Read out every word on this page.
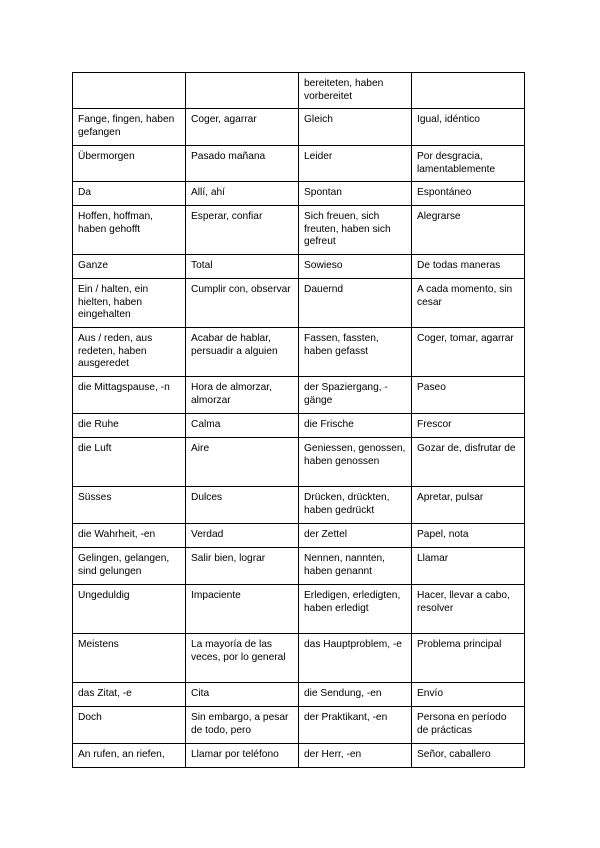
		bereiteten, haben vorbereitet	
Fange, fingen, haben gefangen	Coger, agarrar	Gleich	Igual, idéntico
Übermorgen	Pasado mañana	Leider	Por desgracia, lamentablemente
Da	Allí, ahí	Spontan	Espontáneo
Hoffen, hoffman, haben gehofft	Esperar, confiar	Sich freuen, sich freuten, haben sich gefreut	Alegrarse
Ganze	Total	Sowieso	De todas maneras
Ein / halten, ein hielten, haben eingehalten	Cumplir con, observar	Dauernd	A cada momento, sin cesar
Aus / reden, aus redeten, haben ausgeredet	Acabar de hablar, persuadir a alguien	Fassen, fassten, haben gefasst	Coger, tomar, agarrar
die Mittagspause, -n	Hora de almorzar, almorzar	der Spaziergang, -gänge	Paseo
die Ruhe	Calma	die Frische	Frescor
die Luft	Aire	Geniessen, genossen, haben genossen	Gozar de, disfrutar de
Süsses	Dulces	Drücken, drückten, haben gedrückt	Apretar, pulsar
die Wahrheit, -en	Verdad	der Zettel	Papel, nota
Gelingen, gelangen, sind gelungen	Salir bien, lograr	Nennen, nannten, haben genannt	Llamar
Ungeduldig	Impaciente	Erledigen, erledigten, haben erledigt	Hacer, llevar a cabo, resolver
Meistens	La mayoría de las veces, por lo general	das Hauptproblem, -e	Problema principal
das Zitat, -e	Cita	die Sendung, -en	Envío
Doch	Sin embargo, a pesar de todo, pero	der Praktikant, -en	Persona en período de prácticas
An rufen, an riefen,	Llamar por teléfono	der Herr, -en	Señor, caballero
